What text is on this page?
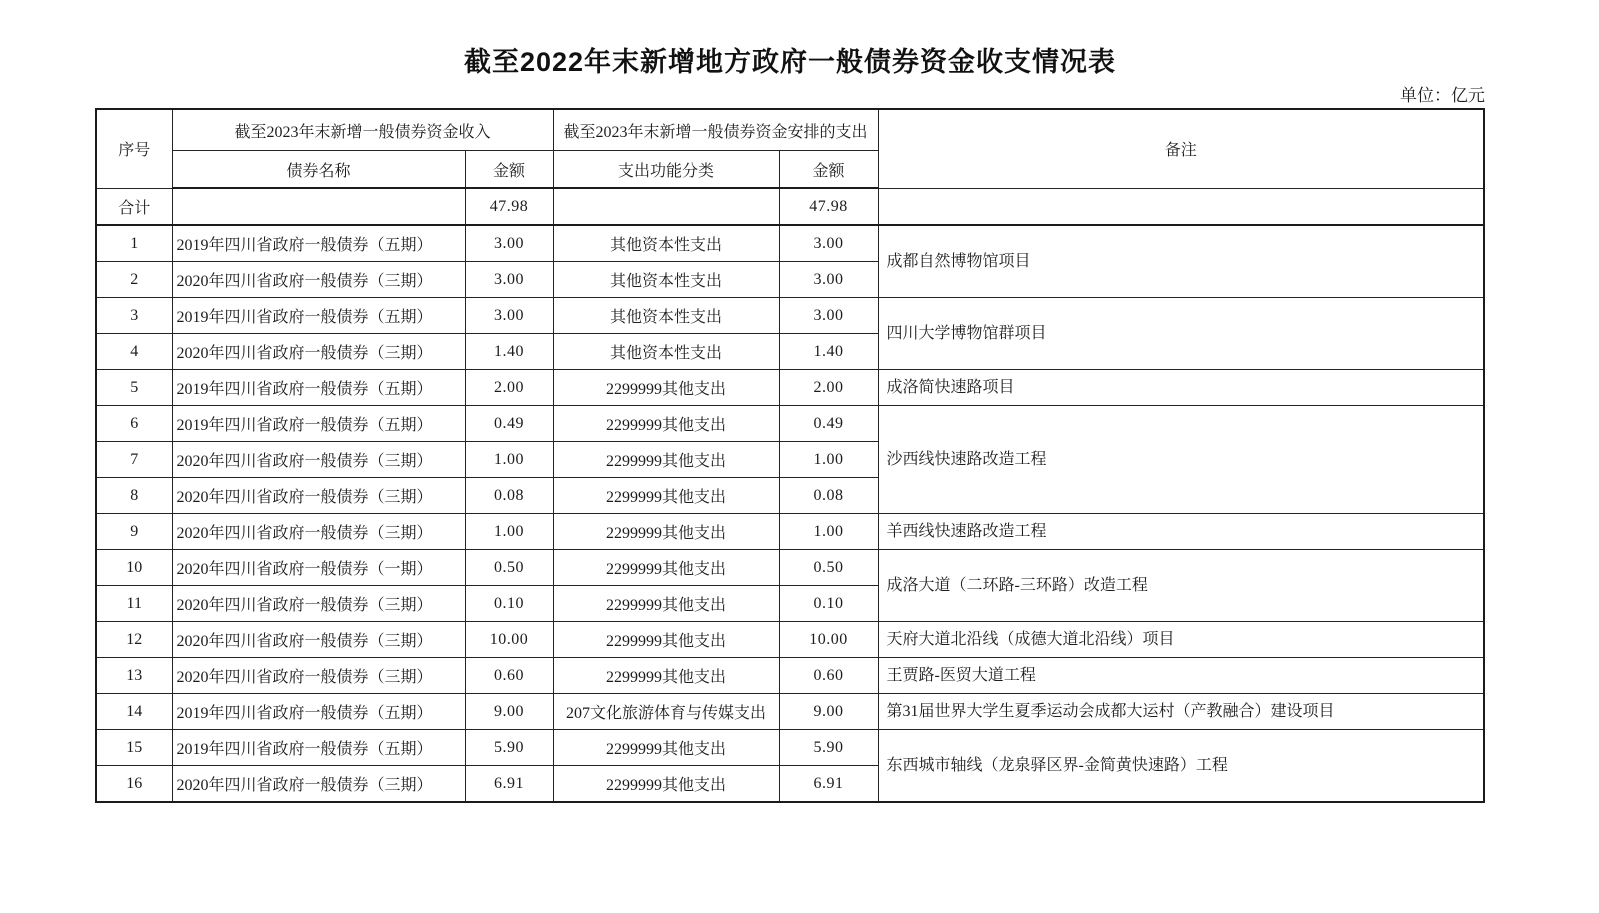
截至2022年末新增地方政府一般债券资金收支情况表
单位：亿元
序号	截至2023年末新增一般债券资金收入		截至2023年末新增一般债券资金安排的支出		备注
	债券名称	金额	支出功能分类	金额	
合计		47.98		47.98	
1	2019年四川省政府一般债券（五期）	3.00	其他资本性支出	3.00	成都自然博物馆项目
2	2020年四川省政府一般债券（三期）	3.00	其他资本性支出	3.00	
3	2019年四川省政府一般债券（五期）	3.00	其他资本性支出	3.00	四川大学博物馆群项目
4	2020年四川省政府一般债券（三期）	1.40	其他资本性支出	1.40	
5	2019年四川省政府一般债券（五期）	2.00	2299999其他支出	2.00	成洛简快速路项目
6	2019年四川省政府一般债券（五期）	0.49	2299999其他支出	0.49	沙西线快速路改造工程
7	2020年四川省政府一般债券（三期）	1.00	2299999其他支出	1.00	
8	2020年四川省政府一般债券（三期）	0.08	2299999其他支出	0.08	
9	2020年四川省政府一般债券（三期）	1.00	2299999其他支出	1.00	羊西线快速路改造工程
10	2020年四川省政府一般债券（一期）	0.50	2299999其他支出	0.50	成洛大道（二环路-三环路）改造工程
11	2020年四川省政府一般债券（三期）	0.10	2299999其他支出	0.10	
12	2020年四川省政府一般债券（三期）	10.00	2299999其他支出	10.00	天府大道北沿线（成德大道北沿线）项目
13	2020年四川省政府一般债券（三期）	0.60	2299999其他支出	0.60	王贾路-医贸大道工程
14	2019年四川省政府一般债券（五期）	9.00	207文化旅游体育与传媒支出	9.00	第31届世界大学生夏季运动会成都大运村（产教融合）建设项目
15	2019年四川省政府一般债券（五期）	5.90	2299999其他支出	5.90	东西城市轴线（龙泉驿区界-金简黄快速路）工程
16	2020年四川省政府一般债券（三期）	6.91	2299999其他支出	6.91	
